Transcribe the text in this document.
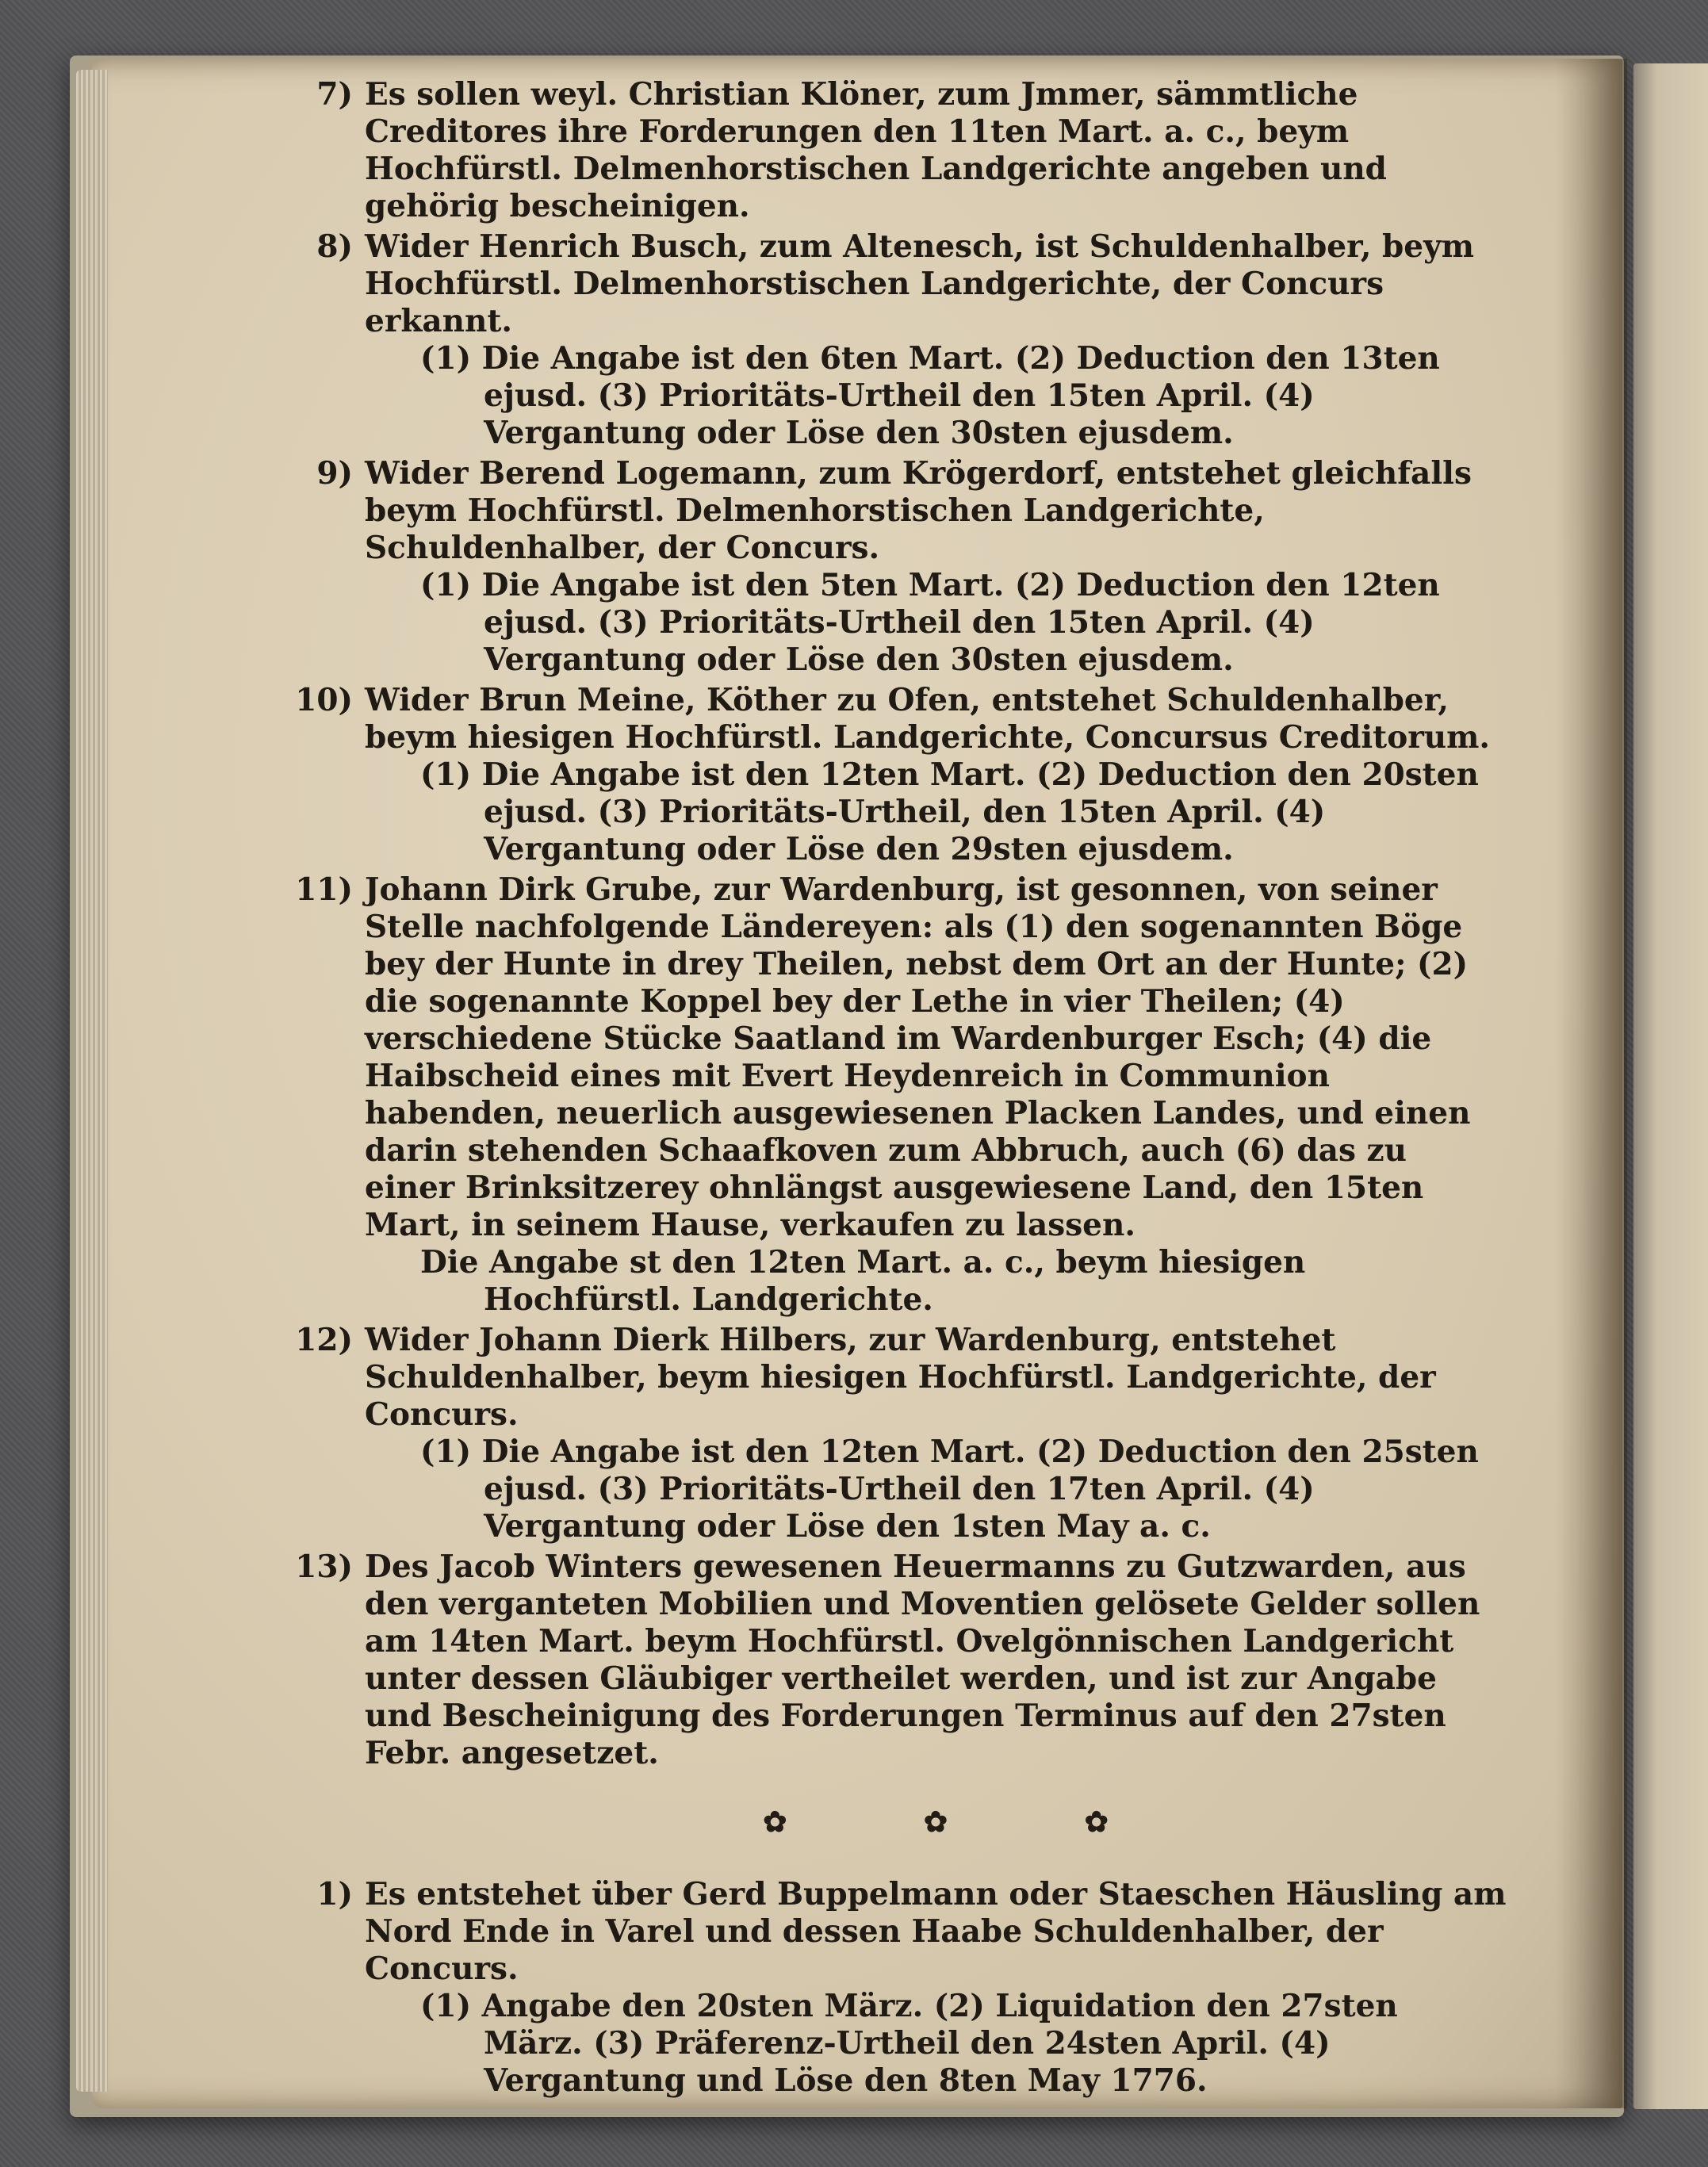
7) Es sollen weyl. Christian Klöner, zum Jmmer, sämmtliche Creditores ihre Forderungen den 11ten Mart. a. c., beym Hochfürstl. Delmenhorstischen Landgerichte angeben und gehörig bescheinigen.
8) Wider Henrich Busch, zum Altenesch, ist Schuldenhalber, beym Hochfürstl. Delmenhorstischen Landgerichte, der Concurs erkannt.
(1) Die Angabe ist den 6ten Mart. (2) Deduction den 13ten ejusd. (3) Prioritäts-Urtheil den 15ten April. (4) Vergantung oder Löse den 30sten ejusdem.
9) Wider Berend Logemann, zum Krögerdorf, entstehet gleichfalls beym Hochfürstl. Delmenhorstischen Landgerichte, Schuldenhalber, der Concurs.
(1) Die Angabe ist den 5ten Mart. (2) Deduction den 12ten ejusd. (3) Prioritäts-Urtheil den 15ten April. (4) Vergantung oder Löse den 30sten ejusdem.
10) Wider Brun Meine, Köther zu Ofen, entstehet Schuldenhalber, beym hiesigen Hochfürstl. Landgerichte, Concursus Creditorum.
(1) Die Angabe ist den 12ten Mart. (2) Deduction den 20sten ejusd. (3) Prioritäts-Urtheil, den 15ten April. (4) Vergantung oder Löse den 29sten ejusdem.
11) Johann Dirk Grube, zur Wardenburg, ist gesonnen, von seiner Stelle nachfolgende Ländereyen: als (1) den sogenannten Böge bey der Hunte in drey Theilen, nebst dem Ort an der Hunte; (2) die sogenannte Koppel bey der Lethe in vier Theilen; (4) verschiedene Stücke Saatland im Wardenburger Esch; (4) die Haibscheid eines mit Evert Heydenreich in Communion habenden, neuerlich ausgewiesenen Placken Landes, und einen darin stehenden Schaafkoven zum Abbruch, auch (6) das zu einer Brinksitzerey ohnlängst ausgewiesene Land, den 15ten Mart, in seinem Hause, verkaufen zu lassen.
Die Angabe st den 12ten Mart. a. c., beym hiesigen Hochfürstl. Landgerichte.
12) Wider Johann Dierk Hilbers, zur Wardenburg, entstehet Schuldenhalber, beym hiesigen Hochfürstl. Landgerichte, der Concurs.
(1) Die Angabe ist den 12ten Mart. (2) Deduction den 25sten ejusd. (3) Prioritäts-Urtheil den 17ten April. (4) Vergantung oder Löse den 1sten May a. c.
13) Des Jacob Winters gewesenen Heuermanns zu Gutzwarden, aus den verganteten Mobilien und Moventien gelösete Gelder sollen am 14ten Mart. beym Hochfürstl. Ovelgönnischen Landgericht unter dessen Gläubiger vertheilet werden, und ist zur Angabe und Bescheinigung des Forderungen Terminus auf den 27sten Febr. angesetzet.
✿ ✿ ✿
1) Es entstehet über Gerd Buppelmann oder Staeschen Häusling am Nord Ende in Varel und dessen Haabe Schuldenhalber, der Concurs.
(1) Angabe den 20sten März. (2) Liquidation den 27sten März. (3) Präferenz-Urtheil den 24sten April. (4) Vergantung und Löse den 8ten May 1776.
